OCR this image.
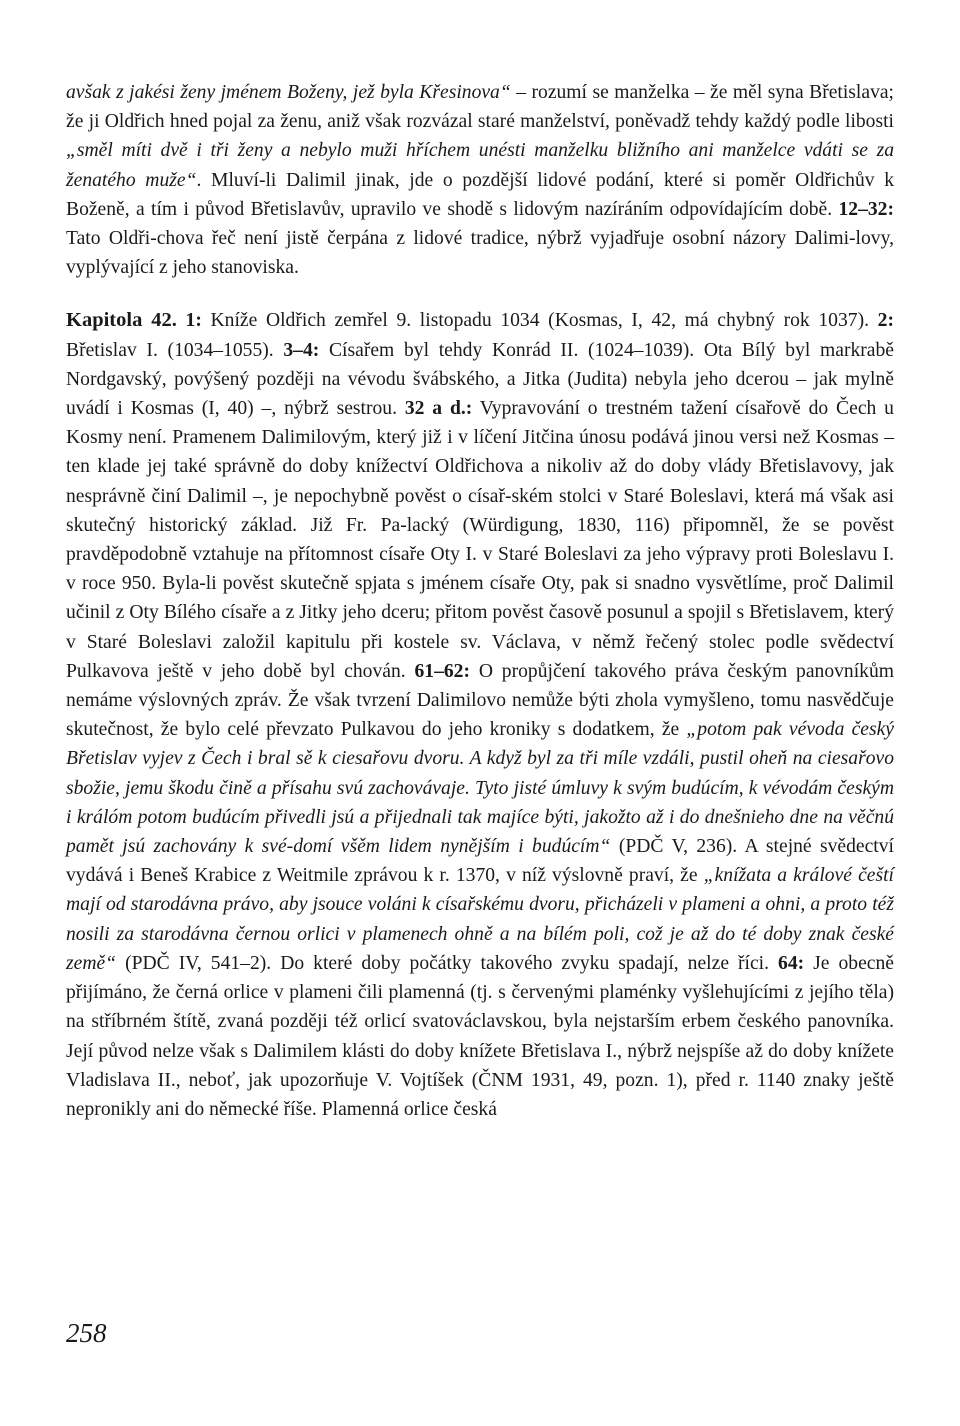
avšak z jakési ženy jménem Boženy, jež byla Křesinova“ – rozumí se manželka – že měl syna Břetislava; že ji Oldřich hned pojal za ženu, aniž však rozvázal staré manželství, poněvadž tehdy každý podle libosti „směl míti dvě i tři ženy a nebylo muži hříchem unésti manželku bližního ani manželce vdáti se za ženatého muže“. Mluví-li Dalimil jinak, jde o pozdější lidové podání, které si poměr Oldřichův k Boženě, a tím i původ Břetislavův, upravilo ve shodě s lidovým nazíráním odpovídajícím době. 12–32: Tato Oldři-chova řeč není jistě čerpána z lidové tradice, nýbrž vyjadřuje osobní názory Dalimi-lovy, vyplývající z jeho stanoviska.

Kapitola 42. 1: Kníže Oldřich zemřel 9. listopadu 1034 (Kosmas, I, 42, má chybný rok 1037). 2: Břetislav I. (1034–1055). 3–4: Císařem byl tehdy Konrád II. (1024–1039). Ota Bílý byl markrabě Nordgavský, povýšený později na vévodu švábského, a Jitka (Judita) nebyla jeho dcerou – jak mylně uvádí i Kosmas (I, 40) –, nýbrž sestrou. 32 a d.: Vypravování o trestném tažení císařově do Čech u Kosmy není. Pramenem Dalimilovým, který již i v líčení Jitčina únosu podává jinou versi než Kosmas – ten klade jej také správně do doby knížectví Oldřichova a nikoliv až do doby vlády Břetislavovy, jak nesprávně činí Dalimil –, je nepochybně pověst o císař-ském stolci v Staré Boleslavi, která má však asi skutečný historický základ. Již Fr. Pa-lacký (Würdigung, 1830, 116) připomněl, že se pověst pravděpodobně vztahuje na přítomnost císaře Oty I. v Staré Boleslavi za jeho výpravy proti Boleslavu I. v roce 950. Byla-li pověst skutečně spjata s jménem císaře Oty, pak si snadno vysvětlíme, proč Dalimil učinil z Oty Bílého císaře a z Jitky jeho dceru; přitom pověst časově posunul a spojil s Břetislavem, který v Staré Boleslavi založil kapitulu při kostele sv. Václava, v němž řečený stolec podle svědectví Pulkavova ještě v jeho době byl chován. 61–62: O propůjčení takového práva českým panovníkům nemáme výslovných zpráv. Že však tvrzení Dalimilovo nemůže býti zhola vymyšleno, tomu nasvědčuje skutečnost, že bylo celé převzato Pulkavou do jeho kroniky s dodatkem, že „potom pak vévoda český Břetislav vyjev z Čech i bral sě k ciesařovu dvoru. A když byl za tři míle vzdáli, pustil oheň na ciesařovo sbožie, jemu škodu čině a přísahu svú zachovávaje. Tyto jisté úmluvy k svým budúcím, k vévodám českým i králóm potom budúcím přivedli jsú a přijednali tak majíce býti, jakožto až i do dnešnieho dne na věčnú pamět jsú zachovány k své-domí všěm lidem nynějším i budúcím“ (PDČ V, 236). A stejné svědectví vydává i Beneš Krabice z Weitmile zprávou k r. 1370, v níž výslovně praví, že „knížata a králové čeští mají od starodávna právo, aby jsouce voláni k císařskému dvoru, přicházeli v plameni a ohni, a proto též nosili za starodávna černou orlici v plamenech ohně a na bílém poli, což je až do té doby znak české země“ (PDČ IV, 541–2). Do které doby počátky takového zvyku spadají, nelze říci. 64: Je obecně přijímáno, že černá orlice v plameni čili plamenná (tj. s červenými plaménky vyšlehujícími z jejího těla) na stříbrném štítě, zvaná později též orlicí svatováclavskou, byla nejstarším erbem českého panovníka. Její původ nelze však s Dalimilem klásti do doby knížete Břetislava I., nýbrž nejspíše až do doby knížete Vladislava II., neboť, jak upozorňuje V. Vojtíšek (ČNM 1931, 49, pozn. 1), před r. 1140 znaky ještě nepronikly ani do německé říše. Plamenná orlice česká

258
